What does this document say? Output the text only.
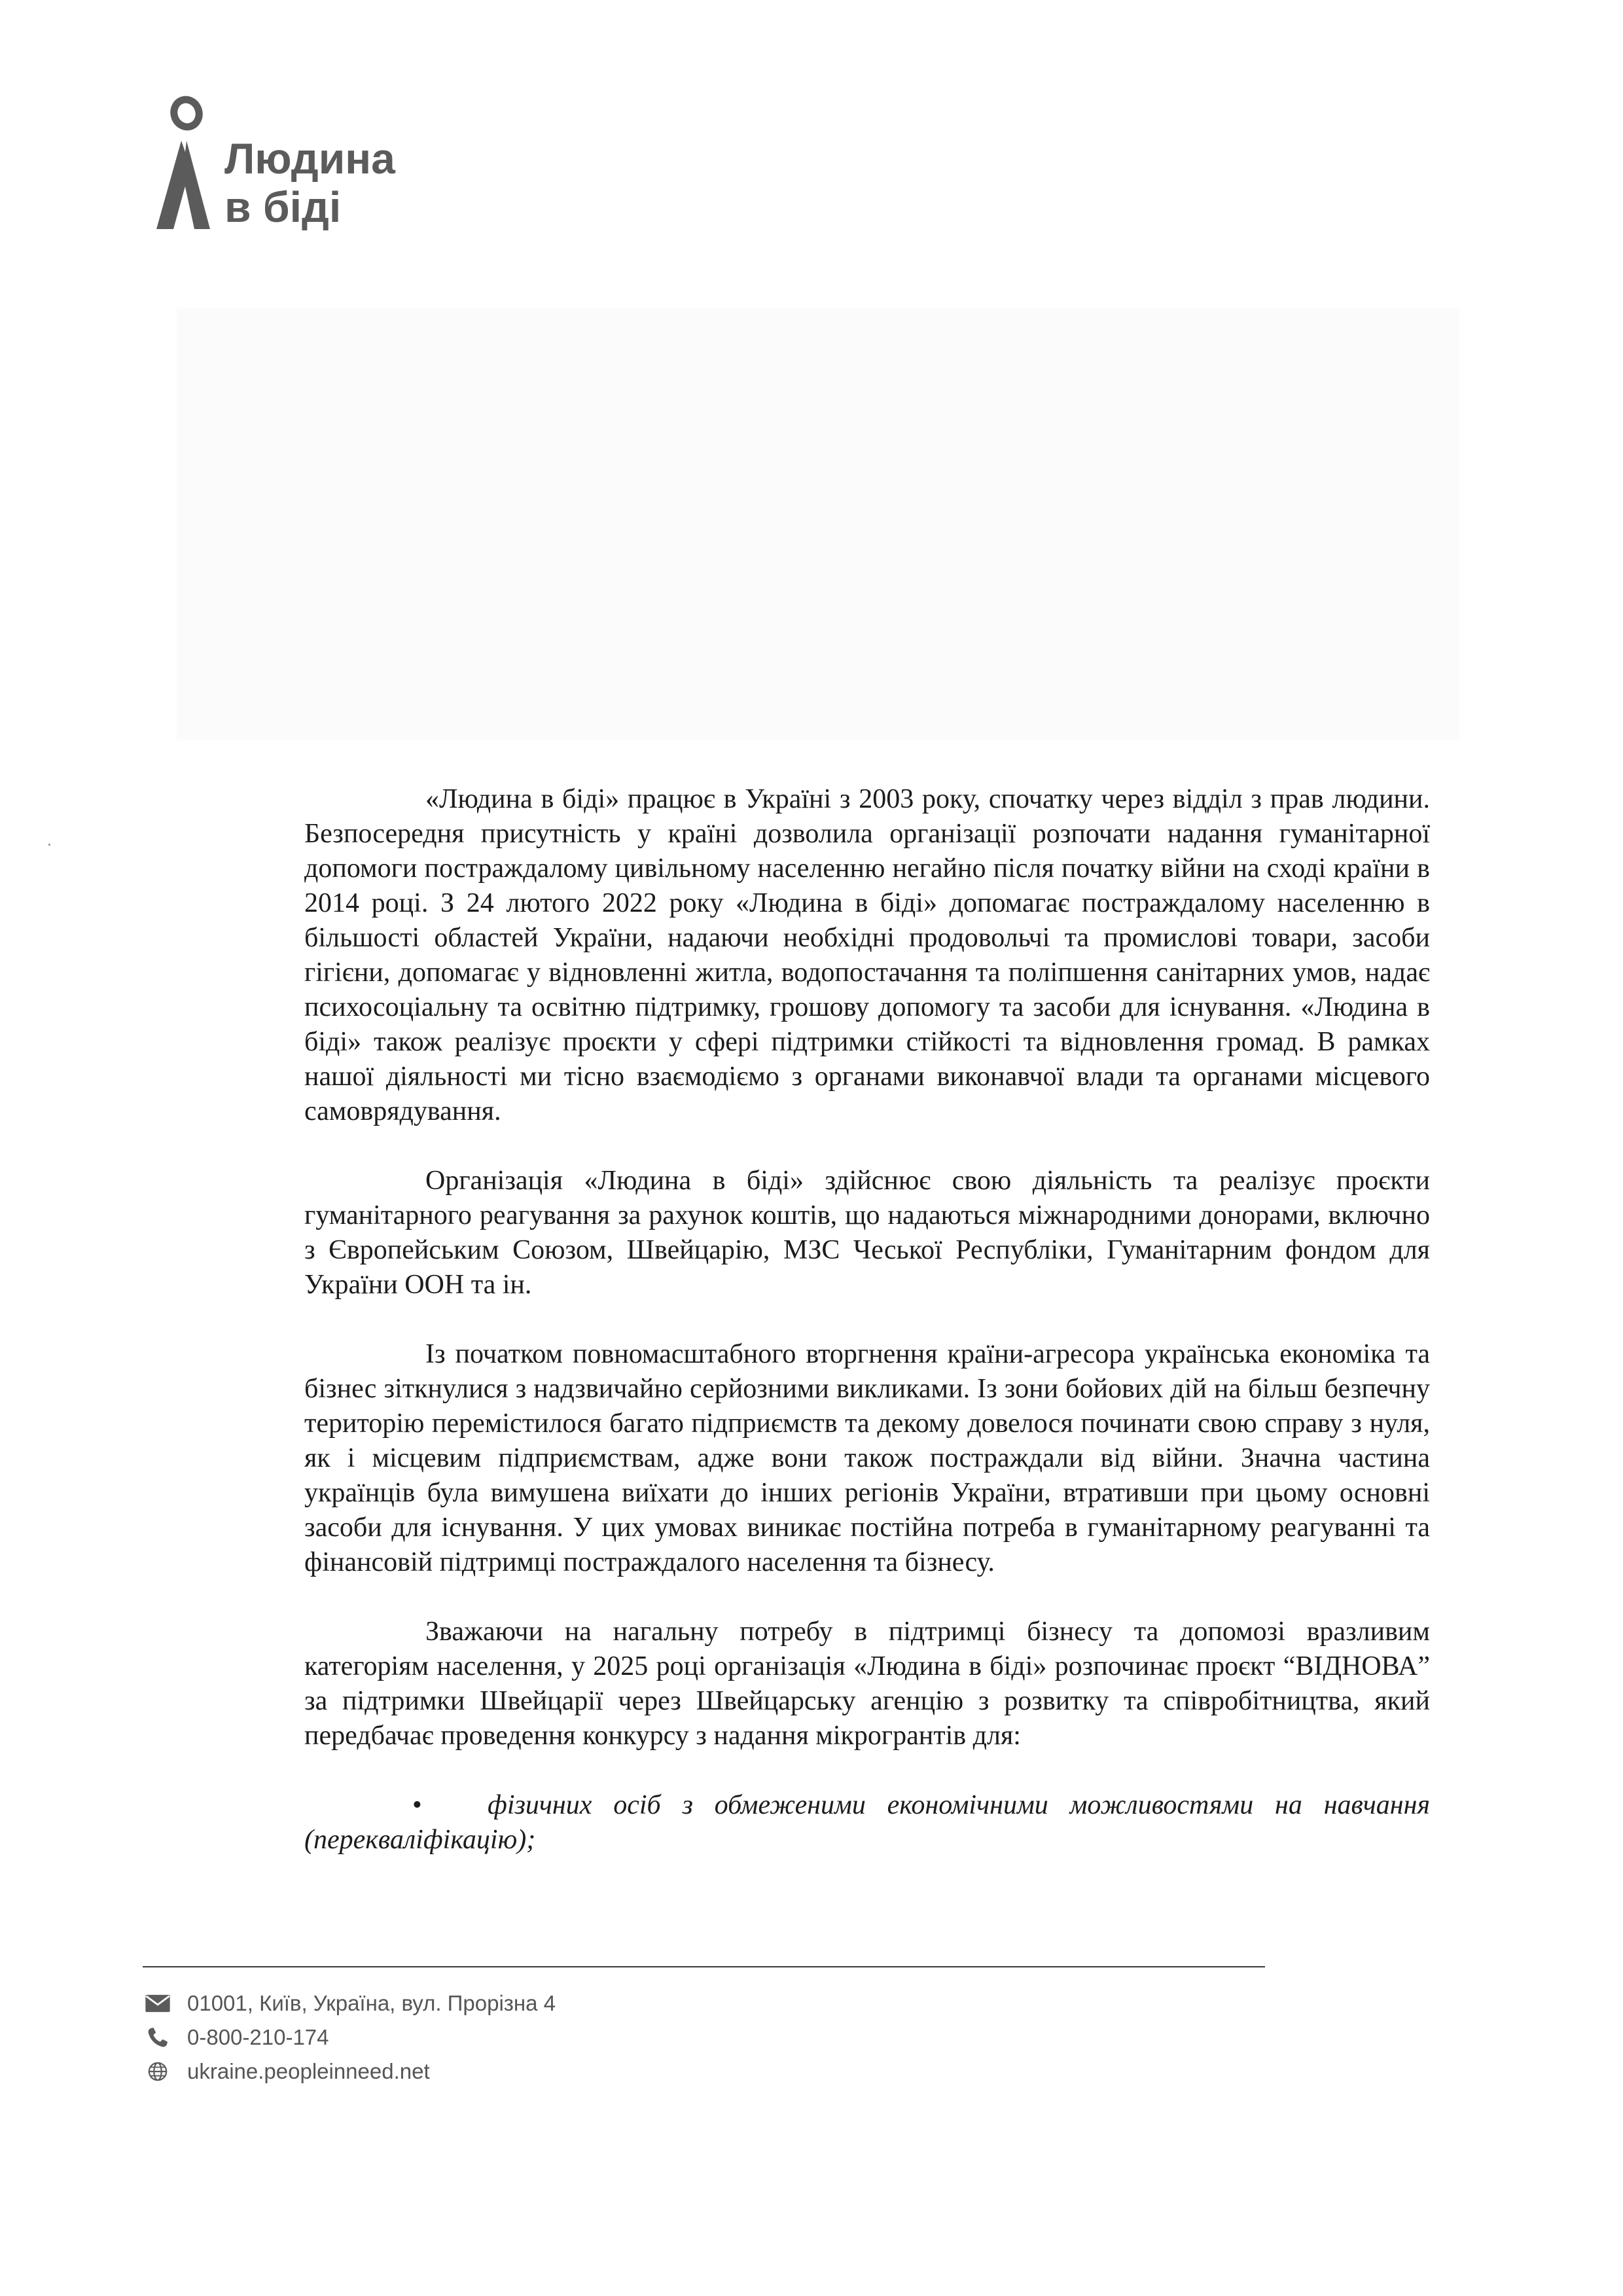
Людина
в біді

«Людина в біді» працює в Україні з 2003 року, спочатку через відділ з прав людини. Безпосередня присутність у країні дозволила організації розпочати надання гуманітарної допомоги постраждалому цивільному населенню негайно після початку війни на сході країни в 2014 році. З 24 лютого 2022 року «Людина в біді» допомагає постраждалому населенню в більшості областей України, надаючи необхідні продовольчі та промислові товари, засоби гігієни, допомагає у відновленні житла, водопостачання та поліпшення санітарних умов, надає психосоціальну та освітню підтримку, грошову допомогу та засоби для існування. «Людина в біді» також реалізує проєкти у сфері підтримки стійкості та відновлення громад. В рамках нашої діяльності ми тісно взаємодіємо з органами виконавчої влади та органами місцевого самоврядування.

Організація «Людина в біді» здійснює свою діяльність та реалізує проєкти гуманітарного реагування за рахунок коштів, що надаються міжнародними донорами, включно з Європейським Союзом, Швейцарію, МЗС Чеської Республіки, Гуманітарним фондом для України ООН та ін.

Із початком повномасштабного вторгнення країни-агресора українська економіка та бізнес зіткнулися з надзвичайно серйозними викликами. Із зони бойових дій на більш безпечну територію перемістилося багато підприємств та декому довелося починати свою справу з нуля, як і місцевим підприємствам, адже вони також постраждали від війни. Значна частина українців була вимушена виїхати до інших регіонів України, втративши при цьому основні засоби для існування. У цих умовах виникає постійна потреба в гуманітарному реагуванні та фінансовій підтримці постраждалого населення та бізнесу.

Зважаючи на нагальну потребу в підтримці бізнесу та допомозі вразливим категоріям населення, у 2025 році організація «Людина в біді» розпочинає проєкт “ВІДНОВА” за підтримки Швейцарії через Швейцарську агенцію з розвитку та співробітництва, який передбачає проведення конкурсу з надання мікрогрантів для:

• фізичних осіб з обмеженими економічними можливостями на навчання (перекваліфікацію);
01001, Київ, Україна, вул. Прорізна 4
0-800-210-174
ukraine.peopleinneed.net
